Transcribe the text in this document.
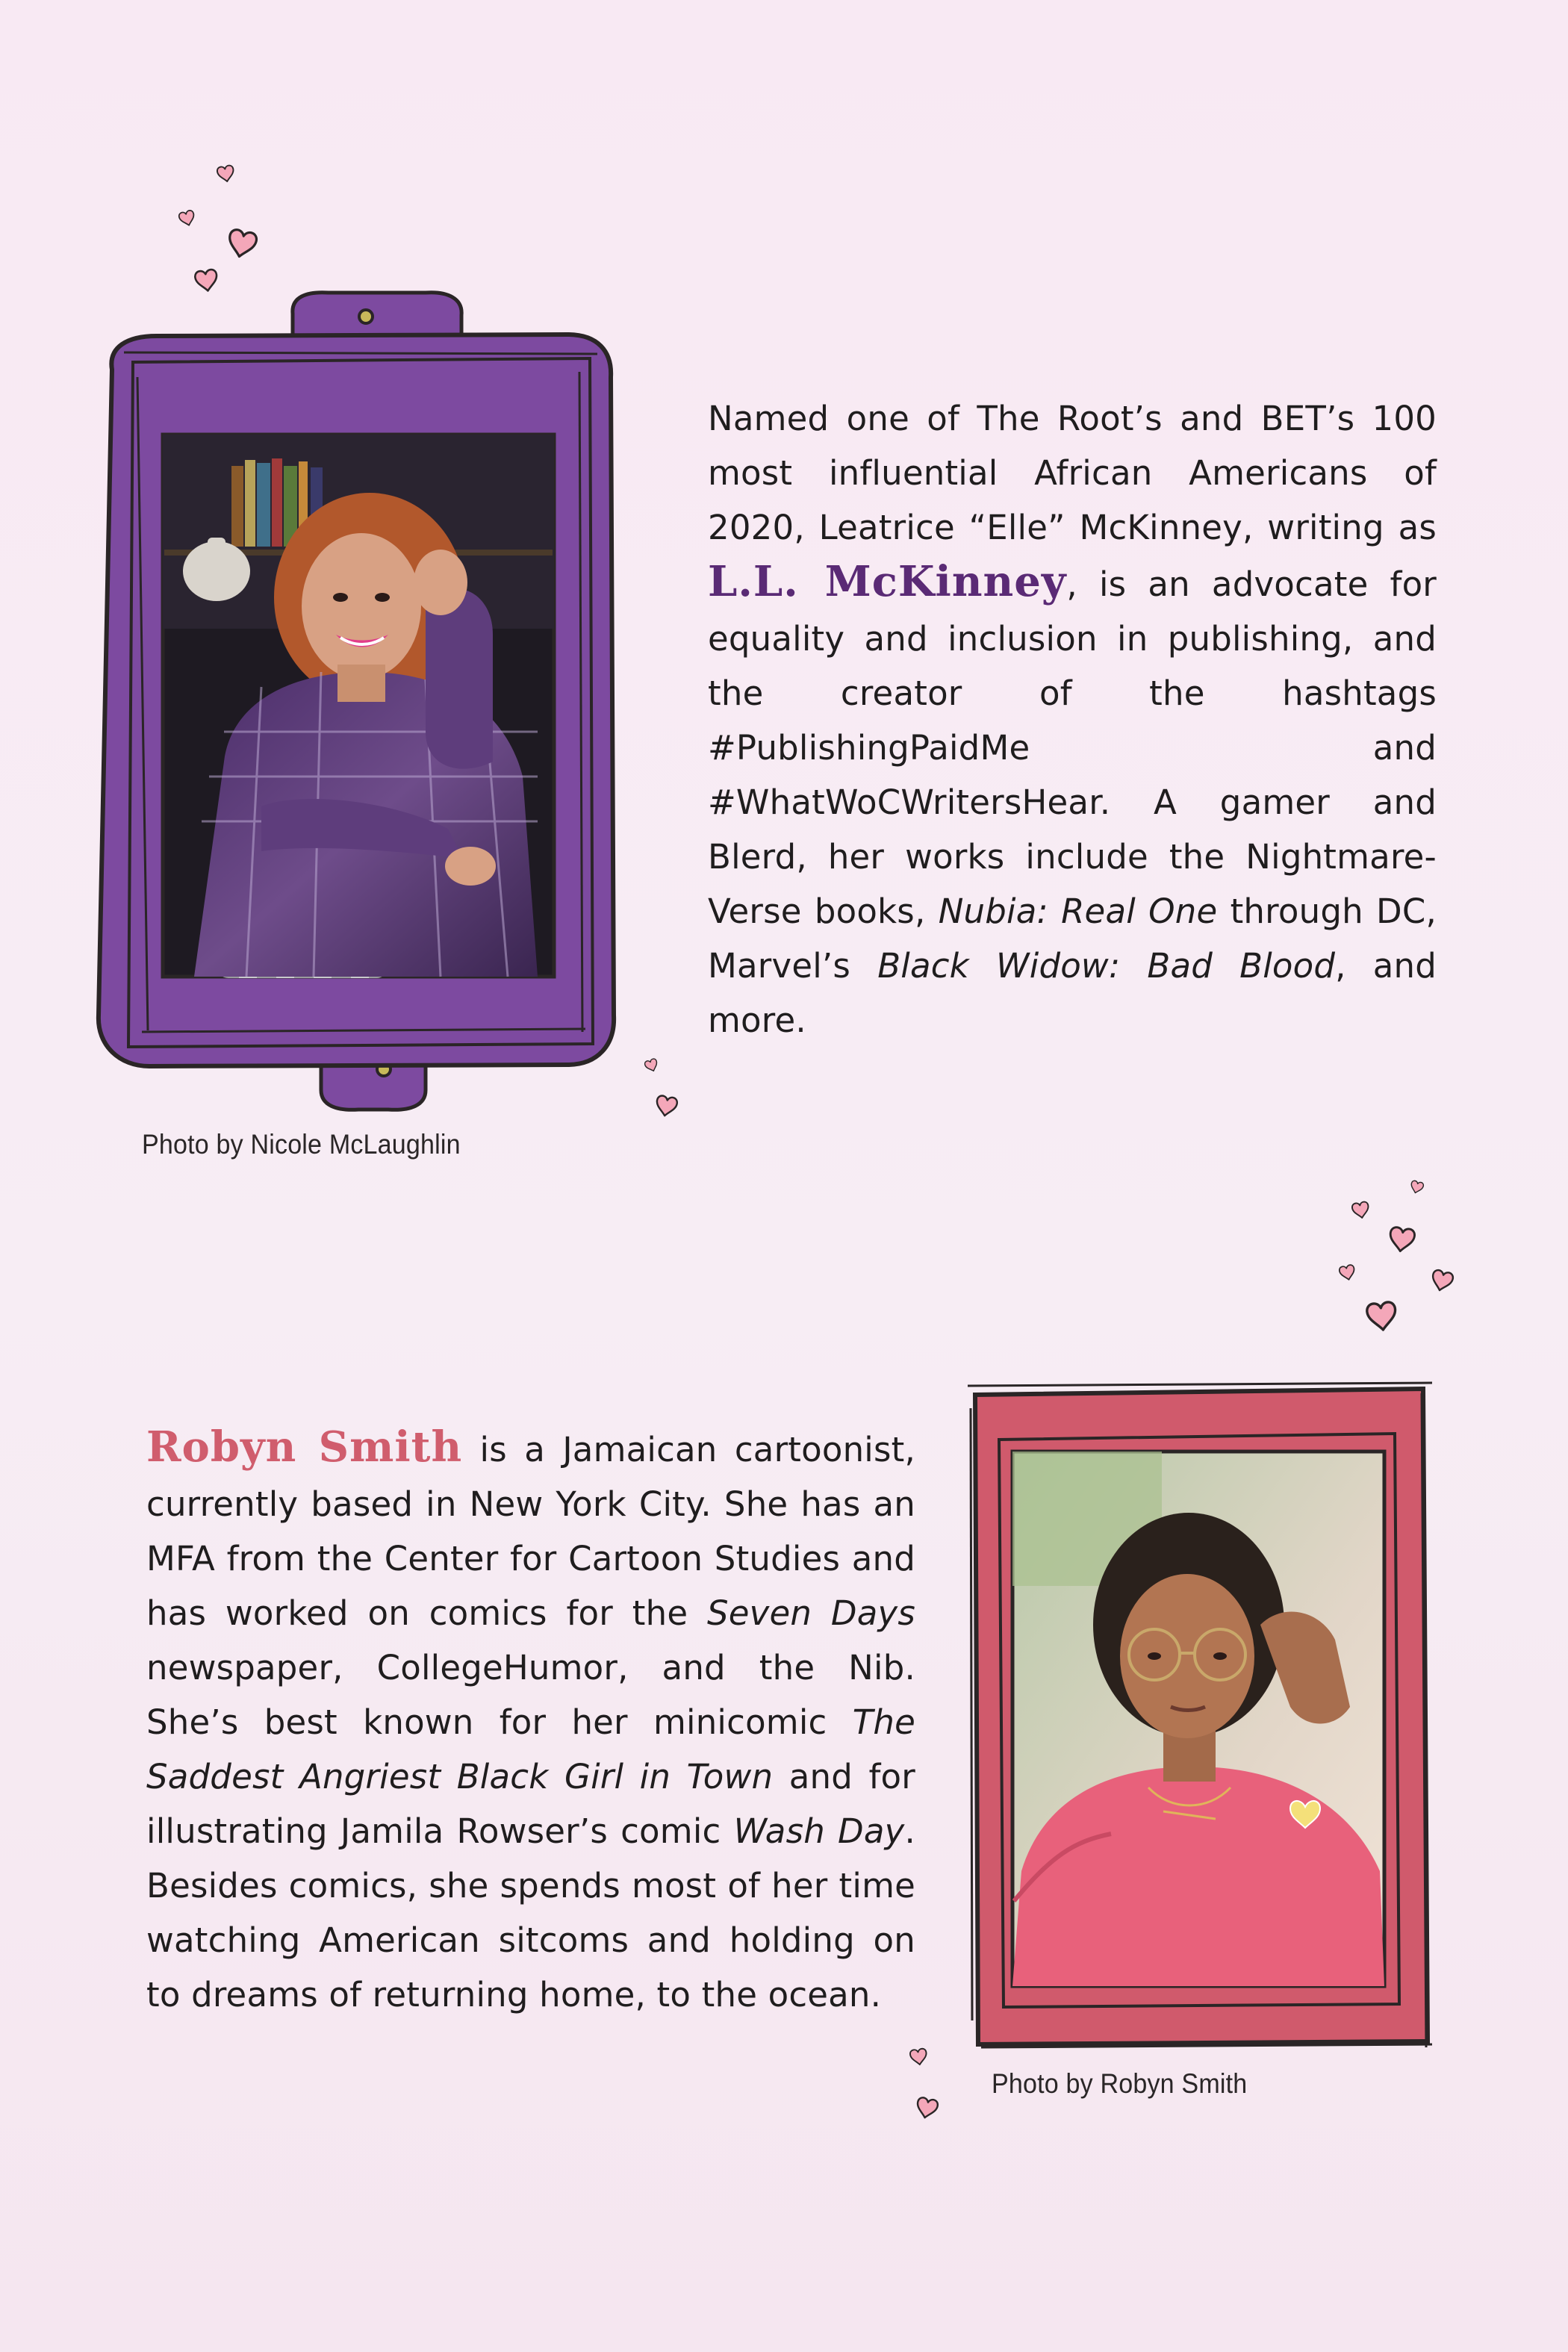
Named one of The Root’s and BET’s 100 most influential African Americans of 2020, Leatrice “Elle” McKinney, writing as L.L. McKinney, is an advocate for equality and inclusion in publishing, and the creator of the hashtags #PublishingPaidMe and #WhatWoCWritersHear. A gamer and Blerd, her works include the Nightmare-Verse books, Nubia: Real One through DC, Marvel’s Black Widow: Bad Blood, and more.
Photo by Nicole McLaughlin
Robyn Smith is a Jamaican cartoonist, currently based in New York City. She has an MFA from the Center for Cartoon Studies and has worked on comics for the Seven Days newspaper, CollegeHumor, and the Nib. She’s best known for her minicomic The Saddest Angriest Black Girl in Town and for illustrating Jamila Rowser’s comic Wash Day. Besides comics, she spends most of her time watching American sitcoms and holding on to dreams of returning home, to the ocean.
Photo by Robyn Smith
